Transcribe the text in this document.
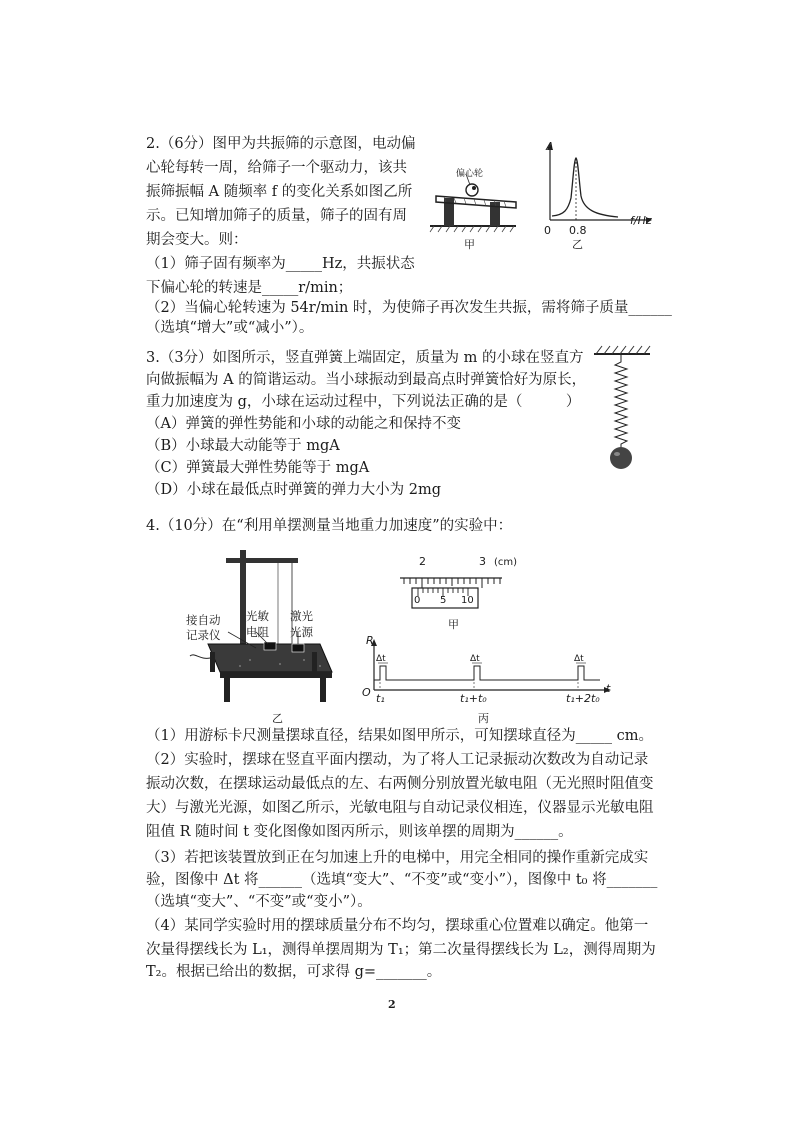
2.（6分）图甲为共振筛的示意图，电动偏
心轮每转一周，给筛子一个驱动力，该共
振筛振幅 A 随频率 f 的变化关系如图乙所
示。已知增加筛子的质量，筛子的固有周
期会变大。则：
（1）筛子固有频率为_____Hz，共振状态
下偏心轮的转速是_____r/min；
（2）当偏心轮转速为 54r/min 时，为使筛子再次发生共振，需将筛子质量______
（选填“增大”或“减小”）。
偏心轮
甲
A
f/Hz
0 0.8
乙
3.（3分）如图所示，竖直弹簧上端固定，质量为 m 的小球在竖直方
向做振幅为 A 的简谐运动。当小球振动到最高点时弹簧恰好为原长，
重力加速度为 g，小球在运动过程中，下列说法正确的是（　　　）
（A）弹簧的弹性势能和小球的动能之和保持不变
（B）小球最大动能等于 mgA
（C）弹簧最大弹性势能等于 mgA
（D）小球在最低点时弹簧的弹力大小为 2mg
4.（10分）在“利用单摆测量当地重力加速度”的实验中：
接自动
记录仪
光敏
电阻
激光
光源
乙
2	3 (cm)
0 5 10
甲
R
t
O
Δt	Δt	Δt
t₁	t₁+t₀	t₁+2t₀
丙
（1）用游标卡尺测量摆球直径，结果如图甲所示，可知摆球直径为_____ cm。
（2）实验时，摆球在竖直平面内摆动，为了将人工记录振动次数改为自动记录
振动次数，在摆球运动最低点的左、右两侧分别放置光敏电阻（无光照时阻值变
大）与激光光源，如图乙所示，光敏电阻与自动记录仪相连，仪器显示光敏电阻
阻值 R 随时间 t 变化图像如图丙所示，则该单摆的周期为______。
（3）若把该装置放到正在匀加速上升的电梯中，用完全相同的操作重新完成实
验，图像中 Δt 将______（选填“变大”、“不变”或“变小”），图像中 t₀ 将_______
（选填“变大”、“不变”或“变小”）。
（4）某同学实验时用的摆球质量分布不均匀，摆球重心位置难以确定。他第一
次量得摆线长为 L₁，测得单摆周期为 T₁；第二次量得摆线长为 L₂，测得周期为
T₂。根据已给出的数据，可求得 g=_______。
2
